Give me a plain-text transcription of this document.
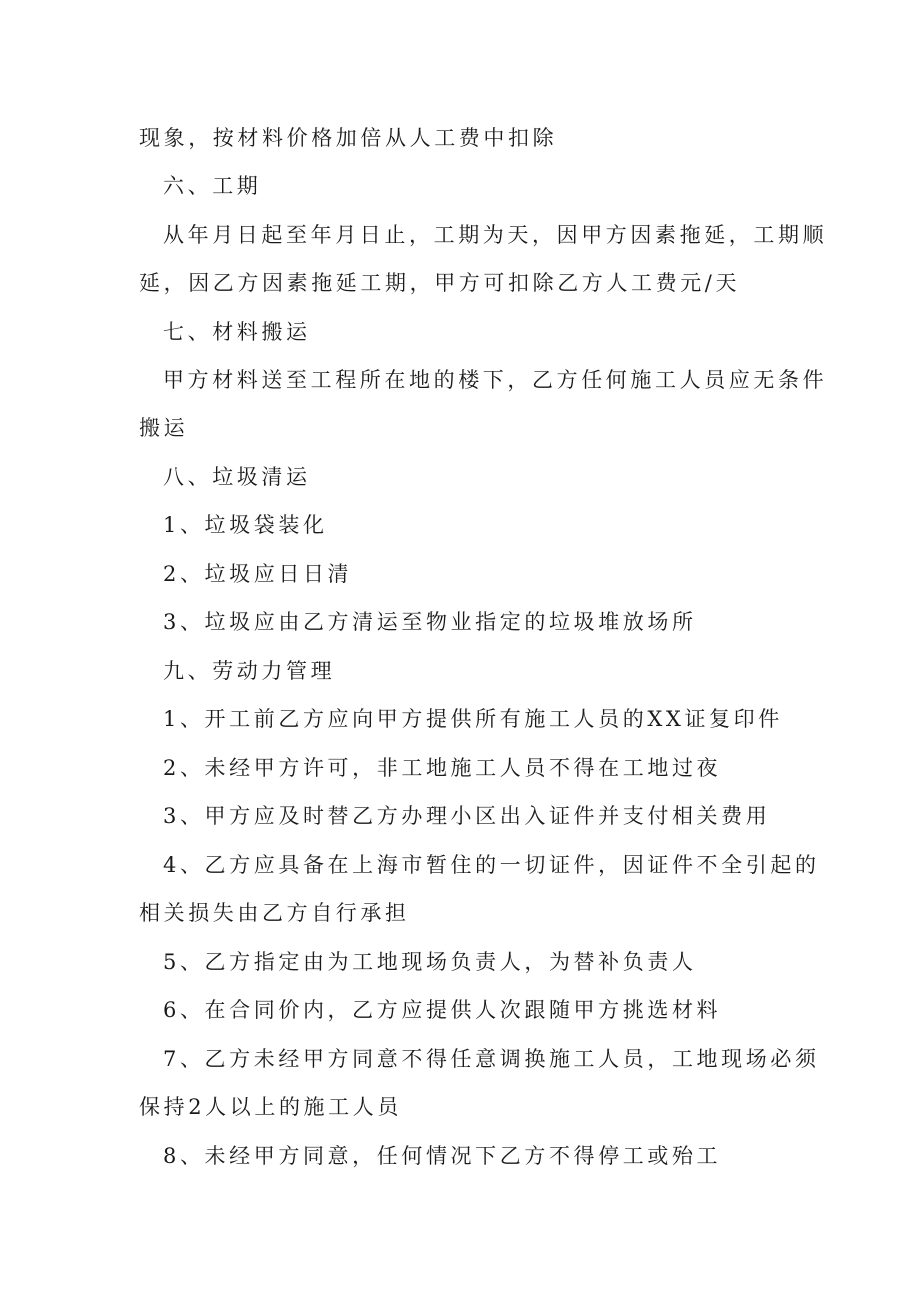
现象，按材料价格加倍从人工费中扣除
六、工期
从年月日起至年月日止，工期为天，因甲方因素拖延，工期顺
延，因乙方因素拖延工期，甲方可扣除乙方人工费元/天
七、材料搬运
甲方材料送至工程所在地的楼下，乙方任何施工人员应无条件
搬运
八、垃圾清运
1、垃圾袋装化
2、垃圾应日日清
3、垃圾应由乙方清运至物业指定的垃圾堆放场所
九、劳动力管理
1、开工前乙方应向甲方提供所有施工人员的XX证复印件
2、未经甲方许可，非工地施工人员不得在工地过夜
3、甲方应及时替乙方办理小区出入证件并支付相关费用
4、乙方应具备在上海市暂住的一切证件，因证件不全引起的
相关损失由乙方自行承担
5、乙方指定由为工地现场负责人，为替补负责人
6、在合同价内，乙方应提供人次跟随甲方挑选材料
7、乙方未经甲方同意不得任意调换施工人员，工地现场必须
保持2人以上的施工人员
8、未经甲方同意，任何情况下乙方不得停工或殆工
